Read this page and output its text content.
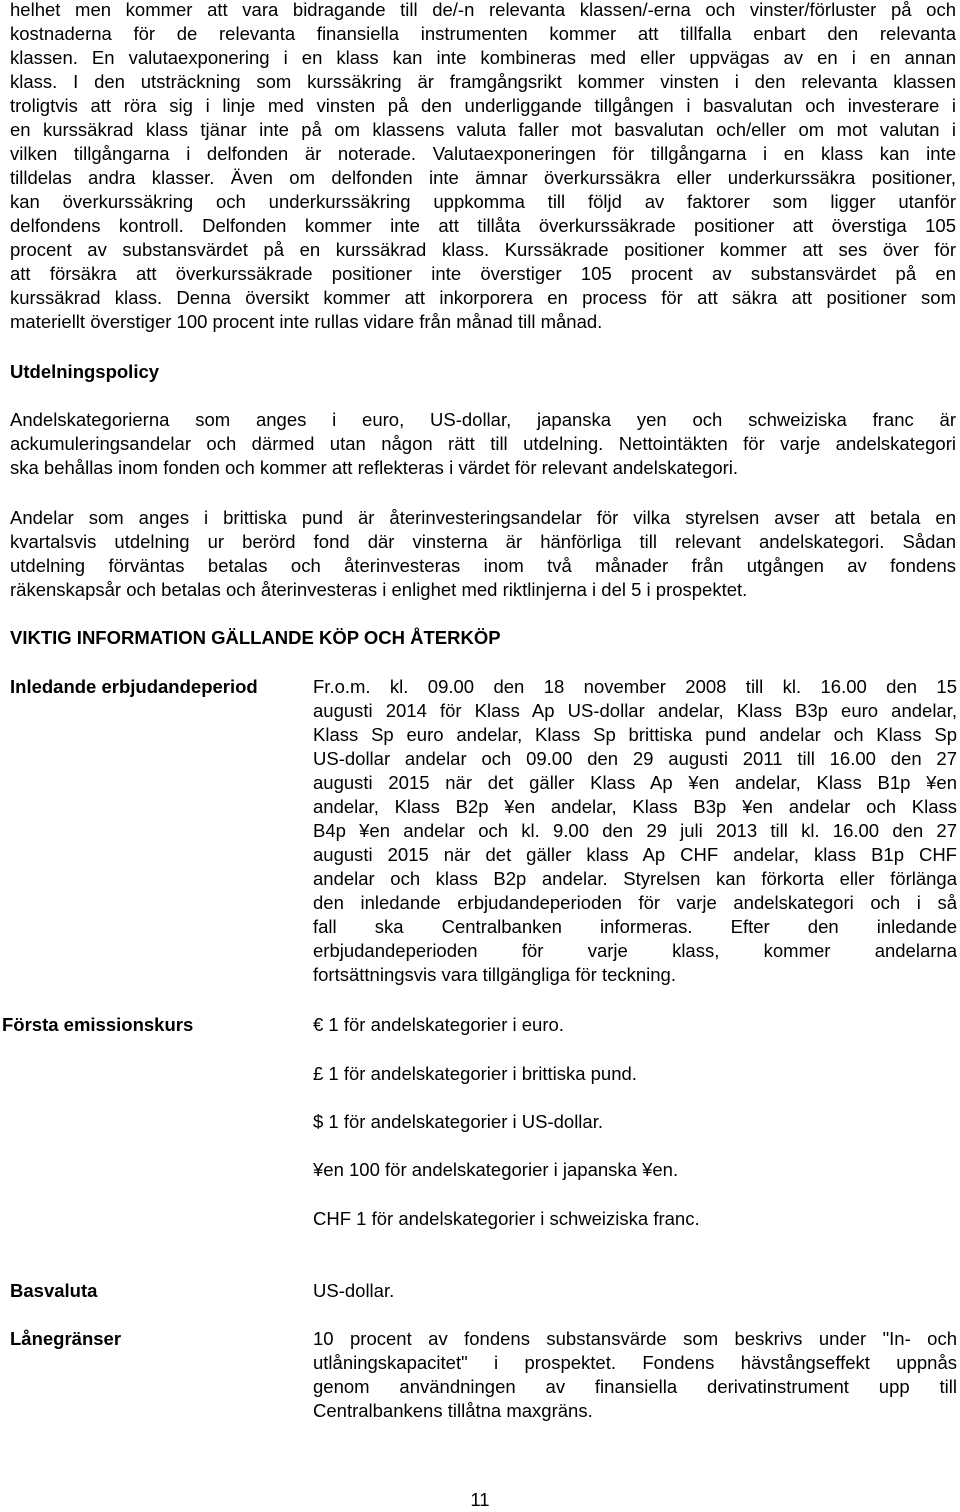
helhet men kommer att vara bidragande till de/-n relevanta klassen/-erna och vinster/förluster på och

kostnaderna för de relevanta finansiella instrumenten kommer att tillfalla enbart den relevanta

klassen. En valutaexponering i en klass kan inte kombineras med eller uppvägas av en i en annan

klass. I den utsträckning som kurssäkring är framgångsrikt kommer vinsten i den relevanta klassen

troligtvis att röra sig i linje med vinsten på den underliggande tillgången i basvalutan och investerare i

en kurssäkrad klass tjänar inte på om klassens valuta faller mot basvalutan och/eller om mot valutan i

vilken tillgångarna i delfonden är noterade. Valutaexponeringen för tillgångarna i en klass kan inte

tilldelas andra klasser. Även om delfonden inte ämnar överkurssäkra eller underkurssäkra positioner,

kan överkurssäkring och underkurssäkring uppkomma till följd av faktorer som ligger utanför

delfondens kontroll. Delfonden kommer inte att tillåta överkurssäkrade positioner att överstiga 105

procent av substansvärdet på en kurssäkrad klass. Kurssäkrade positioner kommer att ses över för

att försäkra att överkurssäkrade positioner inte överstiger 105 procent av substansvärdet på en

kurssäkrad klass. Denna översikt kommer att inkorporera en process för att säkra att positioner som

materiellt överstiger 100 procent inte rullas vidare från månad till månad.

Utdelningspolicy

Andelskategorierna som anges i euro, US-dollar, japanska yen och schweiziska franc är

ackumuleringsandelar och därmed utan någon rätt till utdelning. Nettointäkten för varje andelskategori

ska behållas inom fonden och kommer att reflekteras i värdet för relevant andelskategori.

Andelar som anges i brittiska pund är återinvesteringsandelar för vilka styrelsen avser att betala en

kvartalsvis utdelning ur berörd fond där vinsterna är hänförliga till relevant andelskategori. Sådan

utdelning förväntas betalas och återinvesteras inom två månader från utgången av fondens

räkenskapsår och betalas och återinvesteras i enlighet med riktlinjerna i del 5 i prospektet.

VIKTIG INFORMATION GÄLLANDE KÖP OCH ÅTERKÖP

Inledande erbjudandeperiod	Fr.o.m. kl. 09.00 den 18 november 2008 till kl. 16.00 den 15

augusti 2014 för Klass Ap US-dollar andelar, Klass B3p euro andelar,

Klass Sp euro andelar, Klass Sp brittiska pund andelar och Klass Sp

US-dollar andelar och 09.00 den 29 augusti 2011 till 16.00 den 27

augusti 2015 när det gäller Klass Ap ¥en andelar, Klass B1p ¥en

andelar, Klass B2p ¥en andelar, Klass B3p ¥en andelar och Klass

B4p ¥en andelar och kl. 9.00 den 29 juli 2013 till kl. 16.00 den 27

augusti 2015 när det gäller klass Ap CHF andelar, klass B1p CHF

andelar och klass B2p andelar. Styrelsen kan förkorta eller förlänga

den inledande erbjudandeperioden för varje andelskategori och i så

fall ska Centralbanken informeras. Efter den inledande

erbjudandeperioden för varje klass, kommer andelarna

fortsättningsvis vara tillgängliga för teckning.

Första emissionskurs	€ 1 för andelskategorier i euro.

£ 1 för andelskategorier i brittiska pund.

$ 1 för andelskategorier i US-dollar.

¥en 100 för andelskategorier i japanska ¥en.

CHF 1 för andelskategorier i schweiziska franc.

Basvaluta	US-dollar.

Lånegränser	10 procent av fondens substansvärde som beskrivs under "In- och

utlåningskapacitet" i prospektet. Fondens hävstångseffekt uppnås

genom användningen av finansiella derivatinstrument upp till

Centralbankens tillåtna maxgräns.

11
